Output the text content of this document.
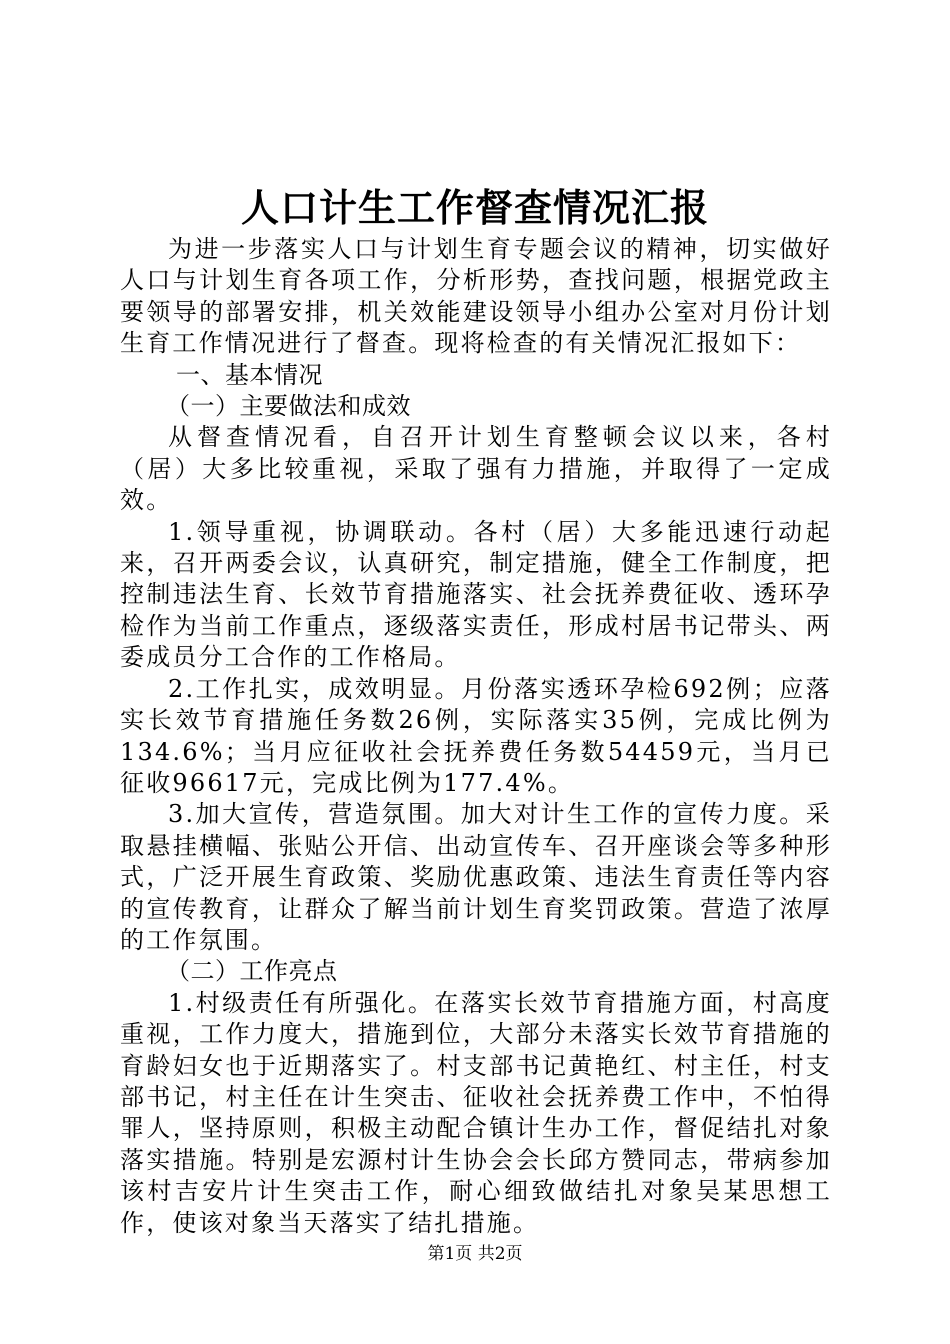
人口计生工作督查情况汇报

为进一步落实人口与计划生育专题会议的精神，切实做好人口与计划生育各项工作，分析形势，查找问题，根据党政主要领导的部署安排，机关效能建设领导小组办公室对月份计划生育工作情况进行了督查。现将检查的有关情况汇报如下：

一、基本情况

（一）主要做法和成效

从督查情况看，自召开计划生育整顿会议以来，各村（居）大多比较重视，采取了强有力措施，并取得了一定成效。

1.领导重视，协调联动。各村（居）大多能迅速行动起来，召开两委会议，认真研究，制定措施，健全工作制度，把控制违法生育、长效节育措施落实、社会抚养费征收、透环孕检作为当前工作重点，逐级落实责任，形成村居书记带头、两委成员分工合作的工作格局。

2.工作扎实，成效明显。月份落实透环孕检692例；应落实长效节育措施任务数26例，实际落实35例，完成比例为134.6%；当月应征收社会抚养费任务数54459元，当月已征收96617元，完成比例为177.4%。

3.加大宣传，营造氛围。加大对计生工作的宣传力度。采取悬挂横幅、张贴公开信、出动宣传车、召开座谈会等多种形式，广泛开展生育政策、奖励优惠政策、违法生育责任等内容的宣传教育，让群众了解当前计划生育奖罚政策。营造了浓厚的工作氛围。

（二）工作亮点

1.村级责任有所强化。在落实长效节育措施方面，村高度重视，工作力度大，措施到位，大部分未落实长效节育措施的育龄妇女也于近期落实了。村支部书记黄艳红、村主任，村支部书记，村主任在计生突击、征收社会抚养费工作中，不怕得罪人，坚持原则，积极主动配合镇计生办工作，督促结扎对象落实措施。特别是宏源村计生协会会长邱方赞同志，带病参加该村吉安片计生突击工作，耐心细致做结扎对象吴某思想工作，使该对象当天落实了结扎措施。

第1页 共2页
